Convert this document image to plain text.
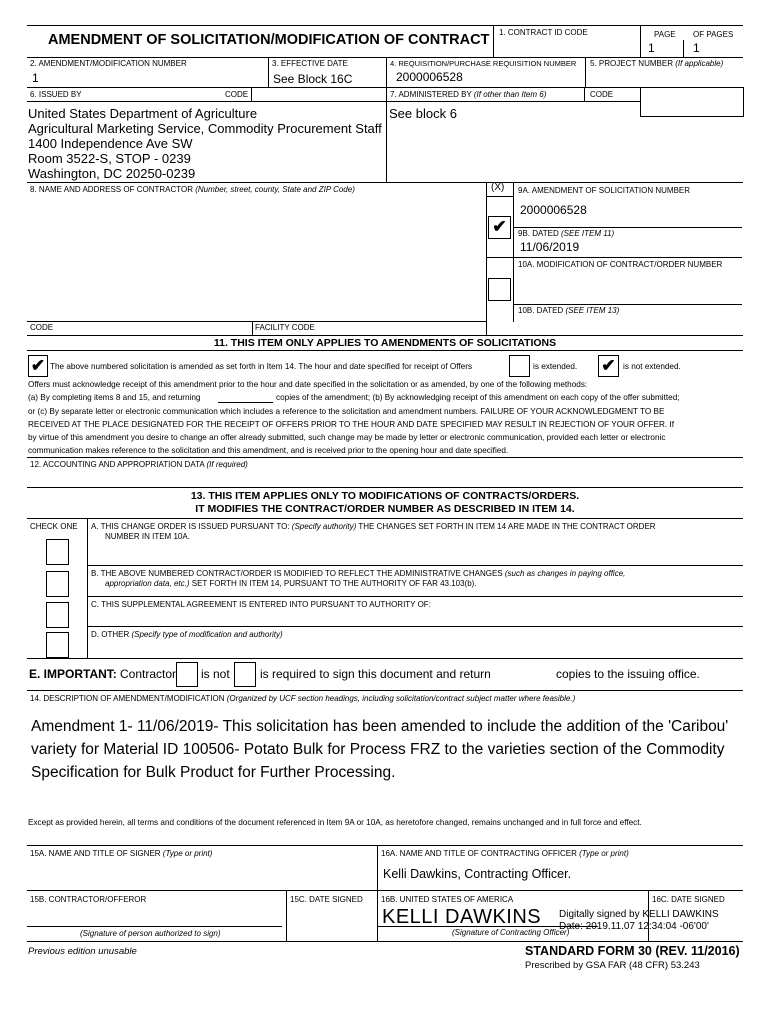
AMENDMENT OF SOLICITATION/MODIFICATION OF CONTRACT 1. CONTRACT ID CODE	PAGE OF PAGES
1	1
2. AMENDMENT/MODIFICATION NUMBER
1
3. EFFECTIVE DATE
See Block 16C
4. REQUISITION/PURCHASE REQUISITION NUMBER
2000006528
5. PROJECT NUMBER (If applicable)
6. ISSUED BY	CODE	7. ADMINISTERED BY (If other than Item 6)	CODE
United States Department of Agriculture
Agricultural Marketing Service, Commodity Procurement Staff
1400 Independence Ave SW
Room 3522-S, STOP - 0239
Washington, DC 20250-0239
See block 6
8. NAME AND ADDRESS OF CONTRACTOR (Number, street, county, State and ZIP Code)	(X) 9A. AMENDMENT OF SOLICITATION NUMBER
2000006528
✔	9B. DATED (SEE ITEM 11)
11/06/2019
10A. MODIFICATION OF CONTRACT/ORDER NUMBER
10B. DATED (SEE ITEM 13)
CODE	FACILITY CODE
11. THIS ITEM ONLY APPLIES TO AMENDMENTS OF SOLICITATIONS
✔ The above numbered solicitation is amended as set forth in Item 14. The hour and date specified for receipt of Offers	is extended. ✔ is not extended.
Offers must acknowledge receipt of this amendment prior to the hour and date specified in the solicitation or as amended, by one of the following methods:
(a) By completing items 8 and 15, and returning	copies of the amendment; (b) By acknowledging receipt of this amendment on each copy of the offer submitted;
or (c) By separate letter or electronic communication which includes a reference to the solicitation and amendment numbers. FAILURE OF YOUR ACKNOWLEDGMENT TO BE
RECEIVED AT THE PLACE DESIGNATED FOR THE RECEIPT OF OFFERS PRIOR TO THE HOUR AND DATE SPECIFIED MAY RESULT IN REJECTION OF YOUR OFFER. If
by virtue of this amendment you desire to change an offer already submitted, such change may be made by letter or electronic communication, provided each letter or electronic
communication makes reference to the solicitation and this amendment, and is received prior to the opening hour and date specified.
12. ACCOUNTING AND APPROPRIATION DATA (If required)
13. THIS ITEM APPLIES ONLY TO MODIFICATIONS OF CONTRACTS/ORDERS.
IT MODIFIES THE CONTRACT/ORDER NUMBER AS DESCRIBED IN ITEM 14.
CHECK ONE A. THIS CHANGE ORDER IS ISSUED PURSUANT TO: (Specify authority) THE CHANGES SET FORTH IN ITEM 14 ARE MADE IN THE CONTRACT ORDER
NUMBER IN ITEM 10A.
B. THE ABOVE NUMBERED CONTRACT/ORDER IS MODIFIED TO REFLECT THE ADMINISTRATIVE CHANGES (such as changes in paying office,
appropriation data, etc.) SET FORTH IN ITEM 14, PURSUANT TO THE AUTHORITY OF FAR 43.103(b).
C. THIS SUPPLEMENTAL AGREEMENT IS ENTERED INTO PURSUANT TO AUTHORITY OF:
D. OTHER (Specify type of modification and authority)
E. IMPORTANT: Contractor is not	is required to sign this document and return	copies to the issuing office.
14. DESCRIPTION OF AMENDMENT/MODIFICATION (Organized by UCF section headings, including solicitation/contract subject matter where feasible.)
Amendment 1- 11/06/2019- This solicitation has been amended to include the addition of the 'Caribou'
variety for Material ID 100506- Potato Bulk for Process FRZ to the varieties section of the Commodity
Specification for Bulk Product for Further Processing.
Except as provided herein, all terms and conditions of the document referenced in Item 9A or 10A, as heretofore changed, remains unchanged and in full force and effect.
15A. NAME AND TITLE OF SIGNER (Type or print)	16A. NAME AND TITLE OF CONTRACTING OFFICER (Type or print)
Kelli Dawkins, Contracting Officer.
15B. CONTRACTOR/OFFEROR	15C. DATE SIGNED 16B. UNITED STATES OF AMERICA	16C. DATE SIGNED
(Signature of person authorized to sign)
KELLI DAWKINS
(Signature of Contracting Officer)
Digitally signed by KELLI DAWKINS
Date: 2019.11.07 12:34:04 -06'00'
Previous edition unusable	STANDARD FORM 30 (REV. 11/2016)
Prescribed by GSA FAR (48 CFR) 53.243
